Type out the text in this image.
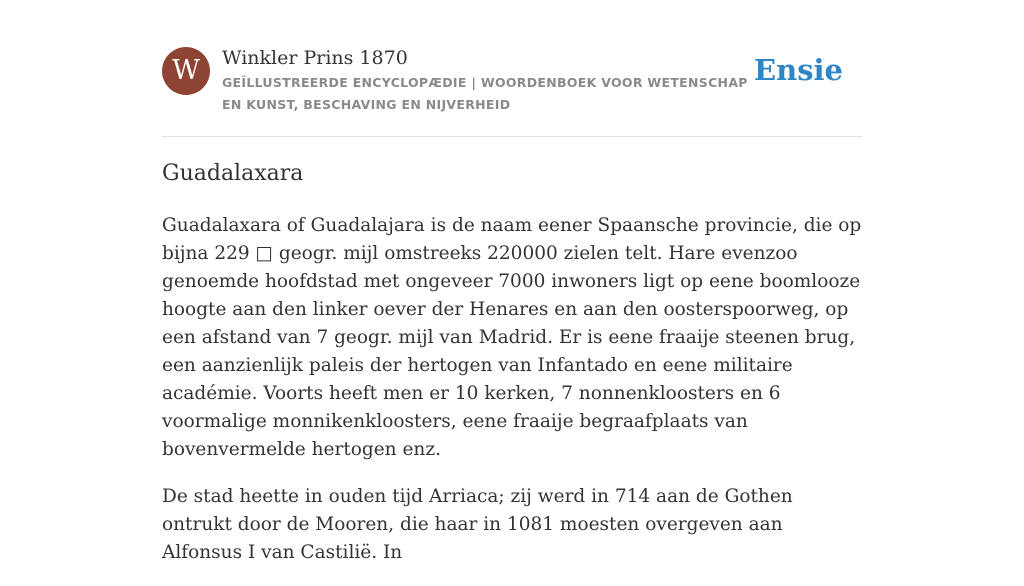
W	Winkler Prins 1870
GEÏLLUSTREERDE ENCYCLOPÆDIE | WOORDENBOEK VOOR WETENSCHAP EN KUNST, BESCHAVING EN NIJVERHEID
Ensie
Guadalaxara

Guadalaxara of Guadalajara is de naam eener Spaansche provincie, die op bijna 229 □ geogr. mijl omstreeks 220000 zielen telt. Hare evenzoo genoemde hoofdstad met ongeveer 7000 inwoners ligt op eene boomlooze hoogte aan den linker oever der Henares en aan den oosterspoorweg, op een afstand van 7 geogr. mijl van Madrid. Er is eene fraaije steenen brug, een aanzienlijk paleis der hertogen van Infantado en eene militaire académie. Voorts heeft men er 10 kerken, 7 nonnenkloosters en 6 voormalige monnikenkloosters, eene fraaije begraafplaats van bovenvermelde hertogen enz.

De stad heette in ouden tijd Arriaca; zij werd in 714 aan de Gothen ontrukt door de Mooren, die haar in 1081 moesten overgeven aan Alfonsus I van Castilië. In
